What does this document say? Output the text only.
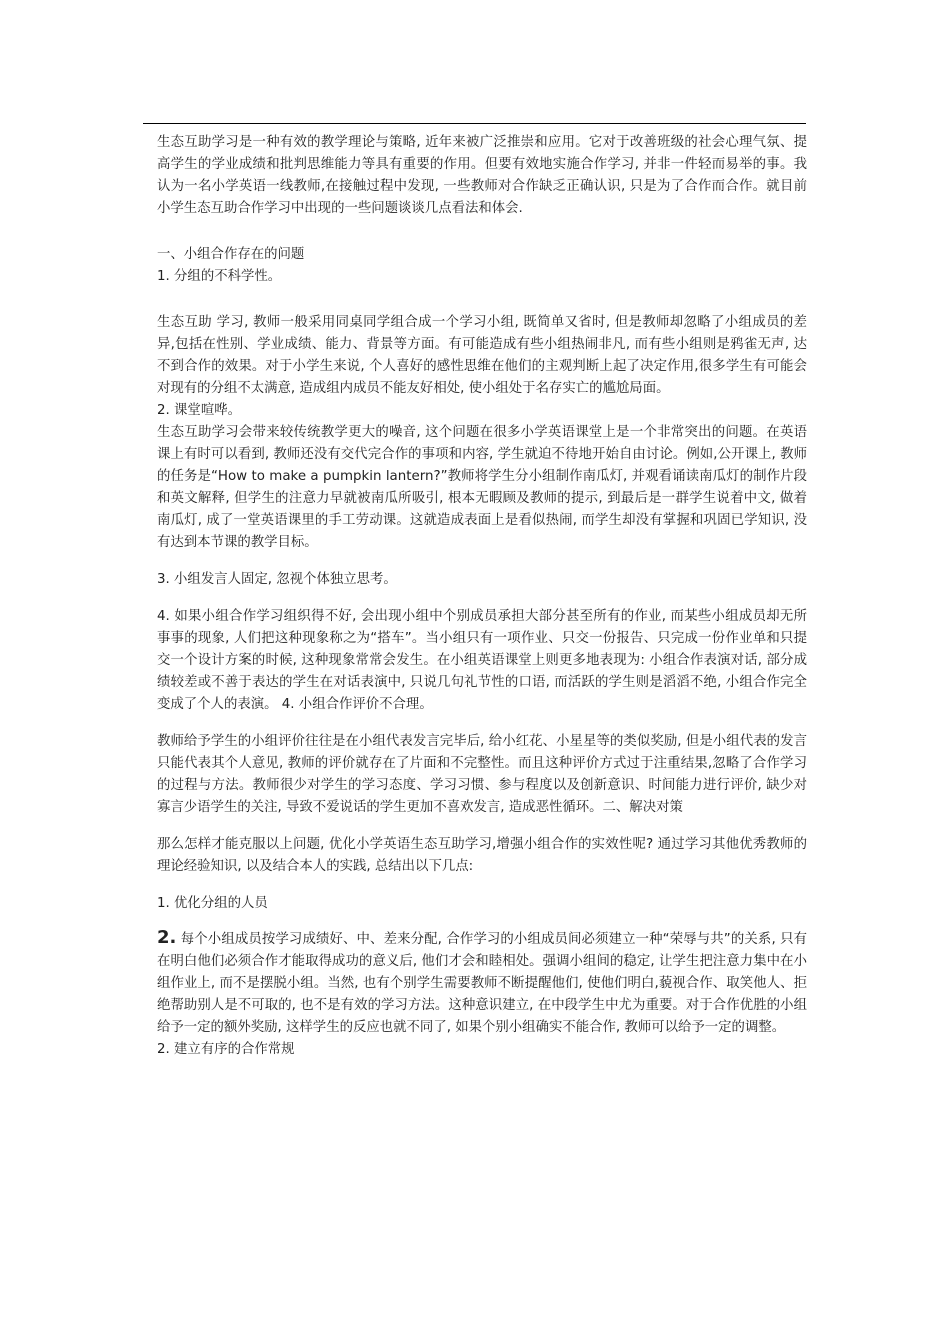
生态互助学习是一种有效的教学理论与策略, 近年来被广泛推崇和应用。它对于改善班级的社会心理气氛、提高学生的学业成绩和批判思维能力等具有重要的作用。但要有效地实施合作学习, 并非一件轻而易举的事。我认为一名小学英语一线教师,在接触过程中发现, 一些教师对合作缺乏正确认识, 只是为了合作而合作。就目前小学生态互助合作学习中出现的一些问题谈谈几点看法和体会.

一、小组合作存在的问题

1. 分组的不科学性。

生态互助 学习, 教师一般采用同桌同学组合成一个学习小组, 既简单又省时, 但是教师却忽略了小组成员的差异,包括在性别、学业成绩、能力、背景等方面。有可能造成有些小组热闹非凡, 而有些小组则是鸦雀无声, 达不到合作的效果。对于小学生来说, 个人喜好的感性思维在他们的主观判断上起了决定作用,很多学生有可能会对现有的分组不太满意, 造成组内成员不能友好相处, 使小组处于名存实亡的尴尬局面。

2. 课堂喧哗。

生态互助学习会带来较传统教学更大的噪音, 这个问题在很多小学英语课堂上是一个非常突出的问题。在英语课上有时可以看到, 教师还没有交代完合作的事项和内容, 学生就迫不待地开始自由讨论。例如,公开课上, 教师的任务是“How to make a pumpkin lantern?”教师将学生分小组制作南瓜灯, 并观看诵读南瓜灯的制作片段和英文解释, 但学生的注意力早就被南瓜所吸引, 根本无暇顾及教师的提示, 到最后是一群学生说着中文, 做着南瓜灯, 成了一堂英语课里的手工劳动课。这就造成表面上是看似热闹, 而学生却没有掌握和巩固已学知识, 没有达到本节课的教学目标。

3. 小组发言人固定, 忽视个体独立思考。

4. 如果小组合作学习组织得不好, 会出现小组中个别成员承担大部分甚至所有的作业, 而某些小组成员却无所事事的现象, 人们把这种现象称之为“搭车”。当小组只有一项作业、只交一份报告、只完成一份作业单和只提交一个设计方案的时候, 这种现象常常会发生。在小组英语课堂上则更多地表现为: 小组合作表演对话, 部分成绩较差或不善于表达的学生在对话表演中, 只说几句礼节性的口语, 而活跃的学生则是滔滔不绝, 小组合作完全变成了个人的表演。 4. 小组合作评价不合理。

教师给予学生的小组评价往往是在小组代表发言完毕后, 给小红花、小星星等的类似奖励, 但是小组代表的发言只能代表其个人意见, 教师的评价就存在了片面和不完整性。而且这种评价方式过于注重结果,忽略了合作学习的过程与方法。教师很少对学生的学习态度、学习习惯、参与程度以及创新意识、时间能力进行评价, 缺少对寡言少语学生的关注, 导致不爱说话的学生更加不喜欢发言, 造成恶性循环。二、解决对策

那么怎样才能克服以上问题, 优化小学英语生态互助学习,增强小组合作的实效性呢? 通过学习其他优秀教师的理论经验知识, 以及结合本人的实践, 总结出以下几点:

1. 优化分组的人员

2. 每个小组成员按学习成绩好、中、差来分配, 合作学习的小组成员间必须建立一种“荣辱与共”的关系, 只有在明白他们必须合作才能取得成功的意义后, 他们才会和睦相处。强调小组间的稳定, 让学生把注意力集中在小组作业上, 而不是摆脱小组。当然, 也有个别学生需要教师不断提醒他们, 使他们明白,藐视合作、取笑他人、拒绝帮助别人是不可取的, 也不是有效的学习方法。这种意识建立, 在中段学生中尤为重要。对于合作优胜的小组给予一定的额外奖励, 这样学生的反应也就不同了, 如果个别小组确实不能合作, 教师可以给予一定的调整。

2. 建立有序的合作常规
